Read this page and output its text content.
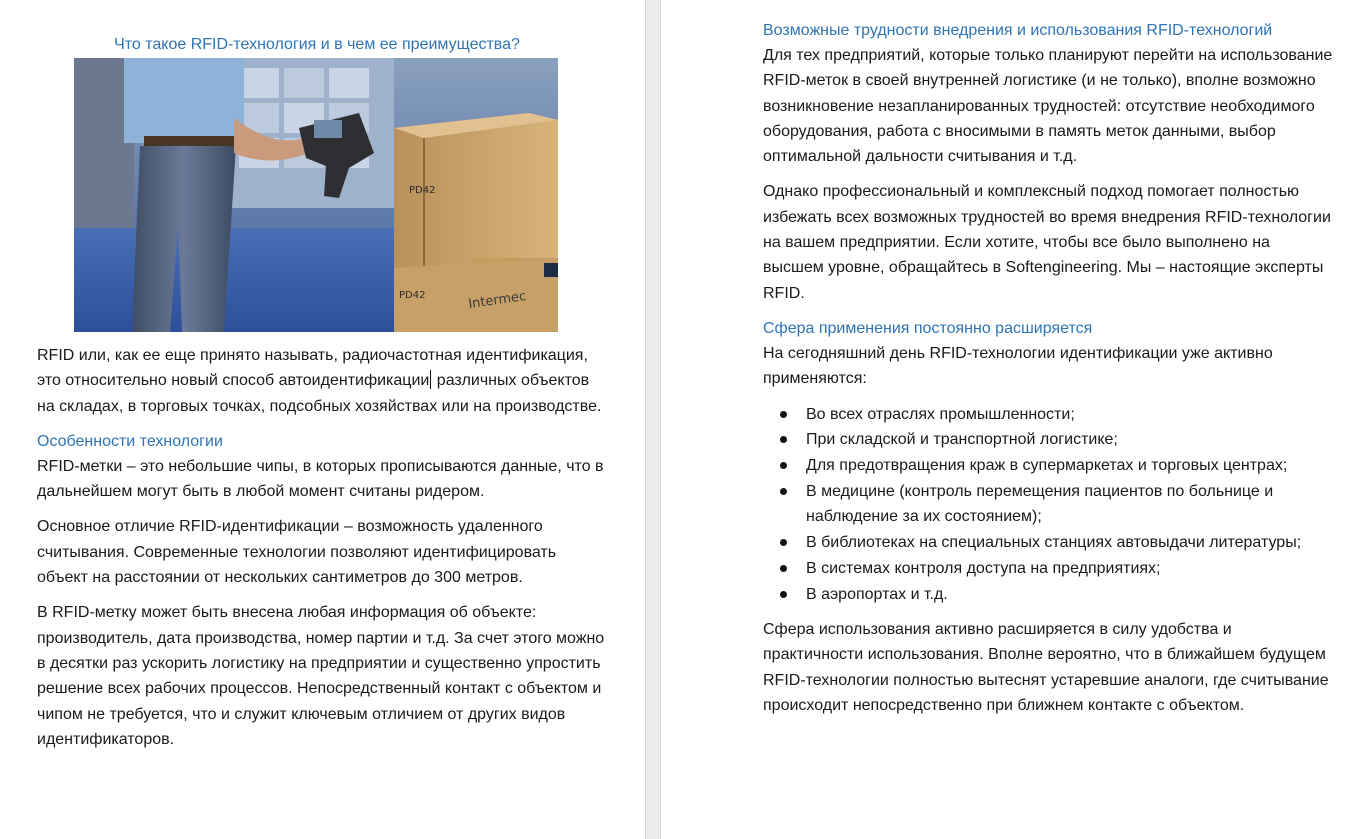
Что такое RFID-технология и в чем ее преимущества?
PD42
PD42	Intermec

RFID или, как ее еще принято называть, радиочастотная идентификация, это относительно новый способ автоидентификации различных объектов на складах, в торговых точках, подсобных хозяйствах или на производстве.

Особенности технологии

RFID-метки – это небольшие чипы, в которых прописываются данные, что в дальнейшем могут быть в любой момент считаны ридером.

Основное отличие RFID-идентификации – возможность удаленного считывания. Современные технологии позволяют идентифицировать объект на расстоянии от нескольких сантиметров до 300 метров.

В RFID-метку может быть внесена любая информация об объекте: производитель, дата производства, номер партии и т.д. За счет этого можно в десятки раз ускорить логистику на предприятии и существенно упростить решение всех рабочих процессов. Непосредственный контакт с объектом и чипом не требуется, что и служит ключевым отличием от других видов идентификаторов.

Возможные трудности внедрения и использования RFID-технологий

Для тех предприятий, которые только планируют перейти на использование RFID-меток в своей внутренней логистике (и не только), вполне возможно возникновение незапланированных трудностей: отсутствие необходимого оборудования, работа с вносимыми в память меток данными, выбор оптимальной дальности считывания и т.д.

Однако профессиональный и комплексный подход помогает полностью избежать всех возможных трудностей во время внедрения RFID-технологии на вашем предприятии. Если хотите, чтобы все было выполнено на высшем уровне, обращайтесь в Softengineering. Мы – настоящие эксперты RFID.

Сфера применения постоянно расширяется

На сегодняшний день RFID-технологии идентификации уже активно применяются:

Во всех отраслях промышленности;
При складской и транспортной логистике;
Для предотвращения краж в супермаркетах и торговых центрах;
В медицине (контроль перемещения пациентов по больнице и наблюдение за их состоянием);
В библиотеках на специальных станциях автовыдачи литературы;
В системах контроля доступа на предприятиях;
В аэропортах и т.д.

Сфера использования активно расширяется в силу удобства и практичности использования. Вполне вероятно, что в ближайшем будущем RFID-технологии полностью вытеснят устаревшие аналоги, где считывание происходит непосредственно при ближнем контакте с объектом.
